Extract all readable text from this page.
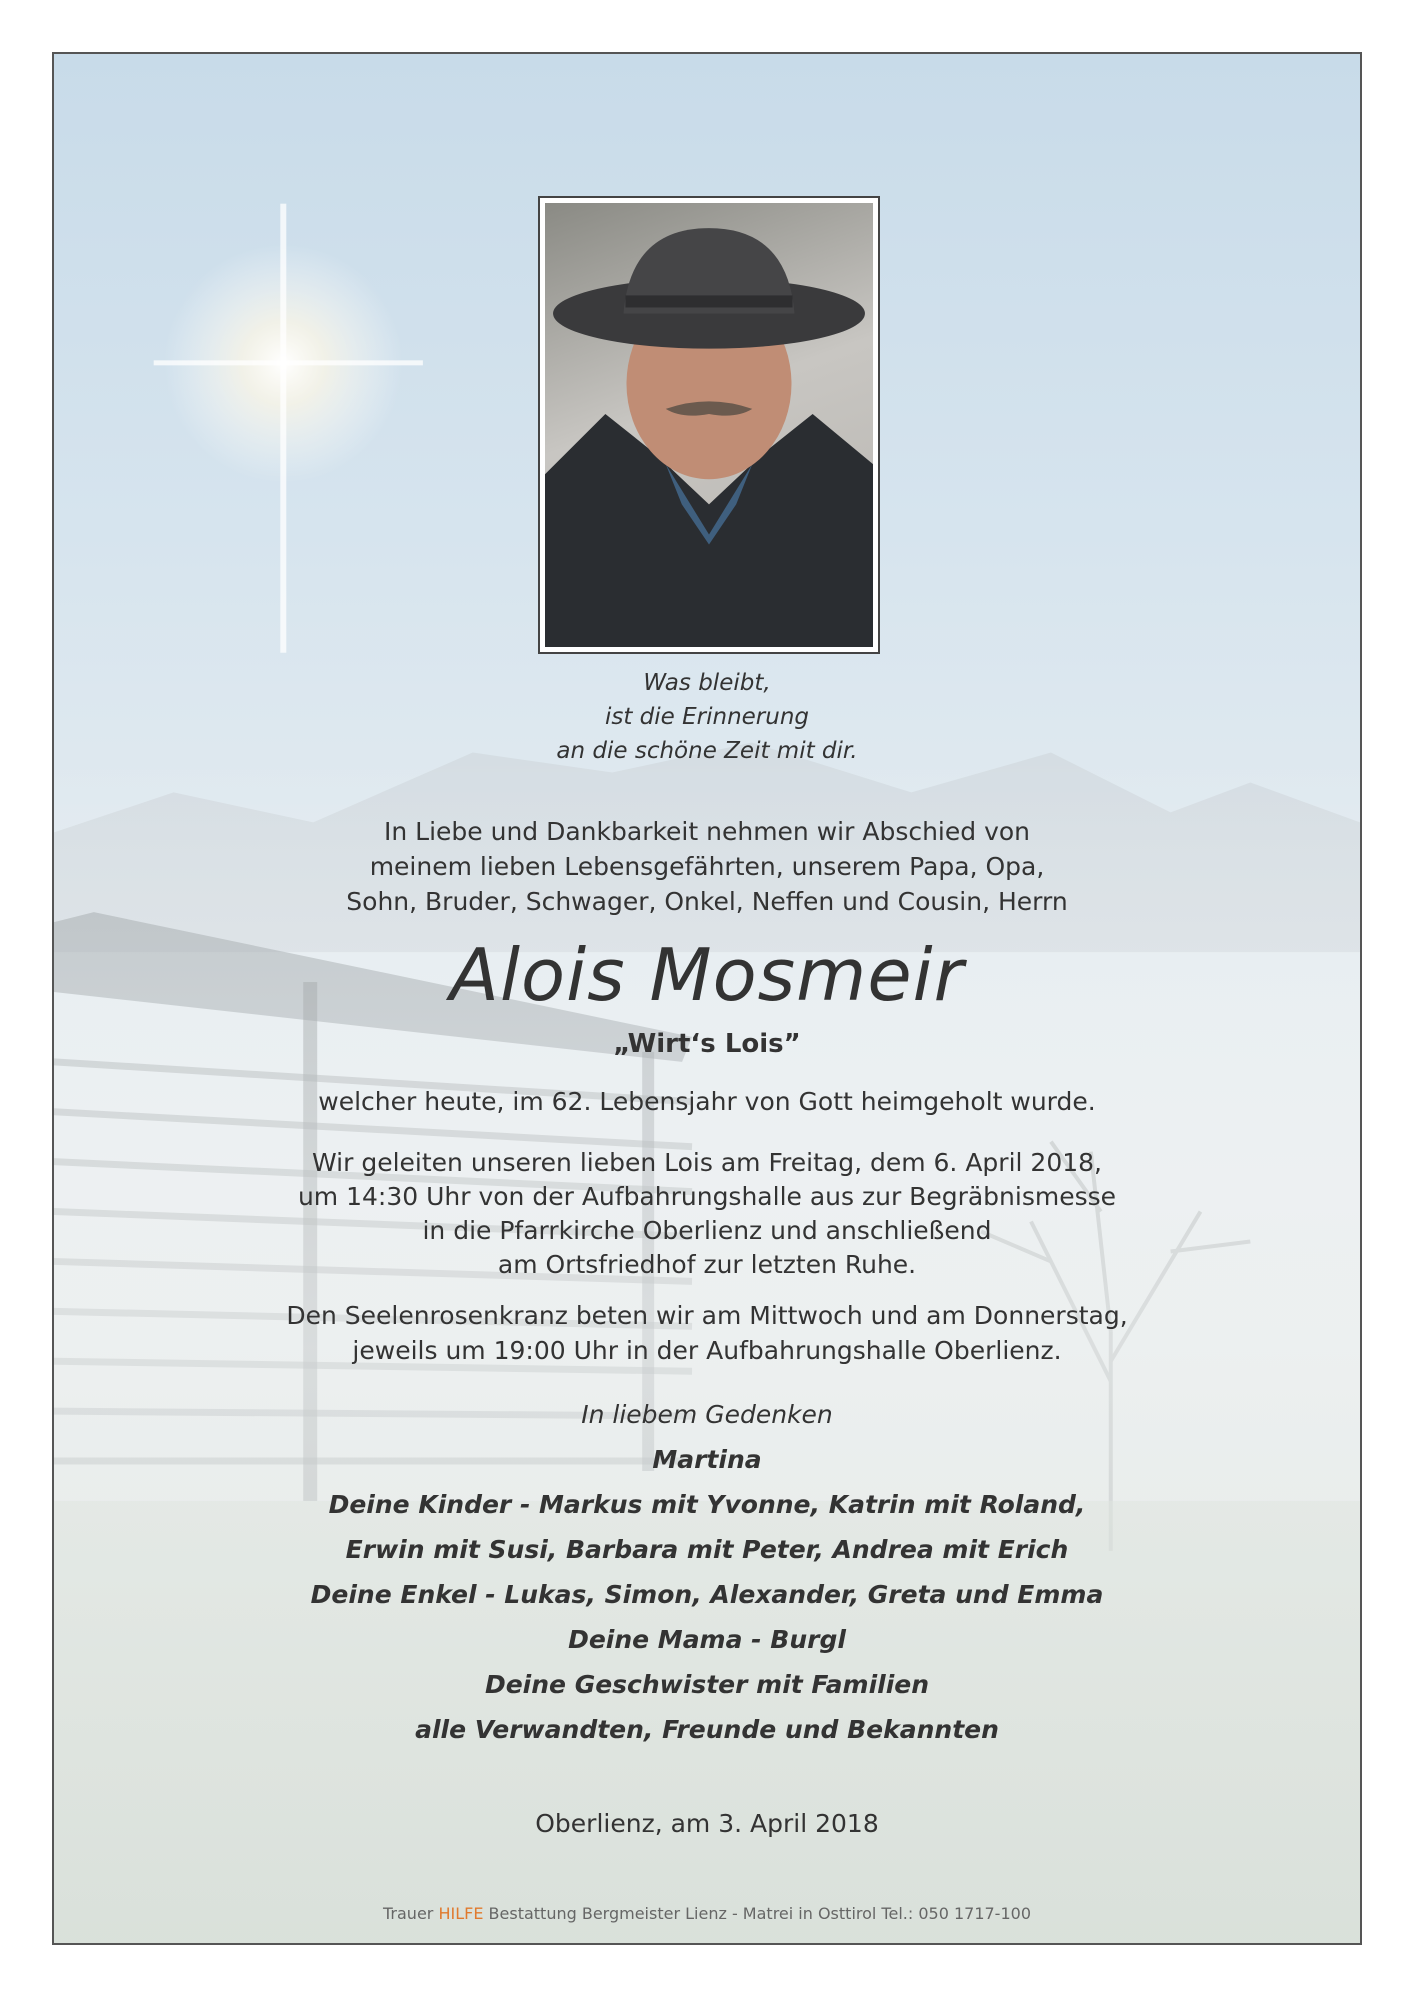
Was bleibt,
ist die Erinnerung
an die schöne Zeit mit dir.

In Liebe und Dankbarkeit nehmen wir Abschied von
meinem lieben Lebensgefährten, unserem Papa, Opa,
Sohn, Bruder, Schwager, Onkel, Neffen und Cousin, Herrn

Alois Mosmeir

„Wirt‘s Lois”

welcher heute, im 62. Lebensjahr von Gott heimgeholt wurde.

Wir geleiten unseren lieben Lois am Freitag, dem 6. April 2018,
um 14:30 Uhr von der Aufbahrungshalle aus zur Begräbnismesse
in die Pfarrkirche Oberlienz und anschließend
am Ortsfriedhof zur letzten Ruhe.

Den Seelenrosenkranz beten wir am Mittwoch und am Donnerstag,
jeweils um 19:00 Uhr in der Aufbahrungshalle Oberlienz.

In liebem Gedenken
Martina
Deine Kinder - Markus mit Yvonne, Katrin mit Roland,
Erwin mit Susi, Barbara mit Peter, Andrea mit Erich
Deine Enkel - Lukas, Simon, Alexander, Greta und Emma
Deine Mama - Burgl
Deine Geschwister mit Familien
alle Verwandten, Freunde und Bekannten

Oberlienz, am 3. April 2018

Trauer HILFE Bestattung Bergmeister Lienz - Matrei in Osttirol Tel.: 050 1717-100
